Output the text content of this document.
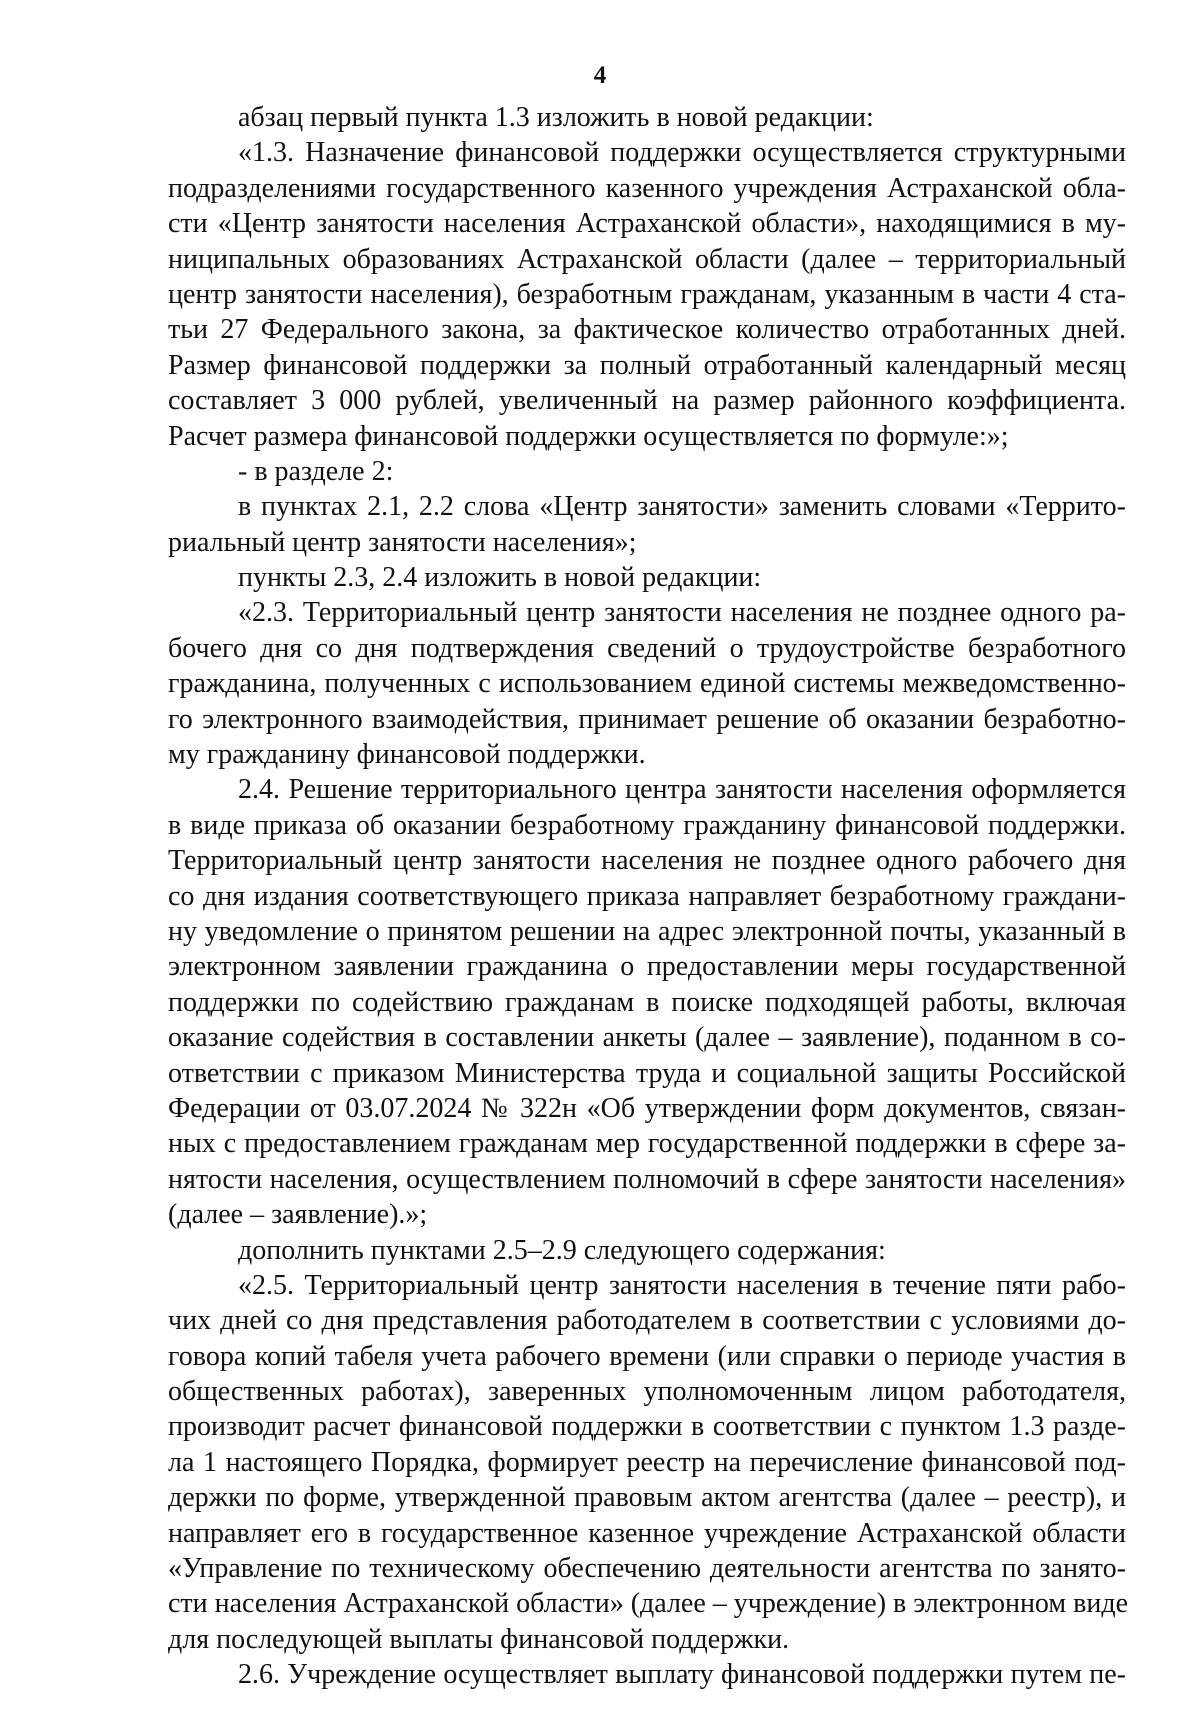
4
абзац первый пункта 1.3 изложить в новой редакции:
«1.3. Назначение финансовой поддержки осуществляется структурными
подразделениями государственного казенного учреждения Астраханской обла-
сти «Центр занятости населения Астраханской области», находящимися в му-
ниципальных образованиях Астраханской области (далее – территориальный
центр занятости населения), безработным гражданам, указанным в части 4 ста-
тьи 27 Федерального закона, за фактическое количество отработанных дней.
Размер финансовой поддержки за полный отработанный календарный месяц
составляет 3 000 рублей, увеличенный на размер районного коэффициента.
Расчет размера финансовой поддержки осуществляется по формуле:»;
- в разделе 2:
в пунктах 2.1, 2.2 слова «Центр занятости» заменить словами «Террито-
риальный центр занятости населения»;
пункты 2.3, 2.4 изложить в новой редакции:
«2.3. Территориальный центр занятости населения не позднее одного ра-
бочего дня со дня подтверждения сведений о трудоустройстве безработного
гражданина, полученных с использованием единой системы межведомственно-
го электронного взаимодействия, принимает решение об оказании безработно-
му гражданину финансовой поддержки.
2.4. Решение территориального центра занятости населения оформляется
в виде приказа об оказании безработному гражданину финансовой поддержки.
Территориальный центр занятости населения не позднее одного рабочего дня
со дня издания соответствующего приказа направляет безработному граждани-
ну уведомление о принятом решении на адрес электронной почты, указанный в
электронном заявлении гражданина о предоставлении меры государственной
поддержки по содействию гражданам в поиске подходящей работы, включая
оказание содействия в составлении анкеты (далее – заявление), поданном в со-
ответствии с приказом Министерства труда и социальной защиты Российской
Федерации от 03.07.2024 № 322н «Об утверждении форм документов, связан-
ных с предоставлением гражданам мер государственной поддержки в сфере за-
нятости населения, осуществлением полномочий в сфере занятости населения»
(далее – заявление).»;
дополнить пунктами 2.5–2.9 следующего содержания:
«2.5. Территориальный центр занятости населения в течение пяти рабо-
чих дней со дня представления работодателем в соответствии с условиями до-
говора копий табеля учета рабочего времени (или справки о периоде участия в
общественных работах), заверенных уполномоченным лицом работодателя,
производит расчет финансовой поддержки в соответствии с пунктом 1.3 разде-
ла 1 настоящего Порядка, формирует реестр на перечисление финансовой под-
держки по форме, утвержденной правовым актом агентства (далее – реестр), и
направляет его в государственное казенное учреждение Астраханской области
«Управление по техническому обеспечению деятельности агентства по занято-
сти населения Астраханской области» (далее – учреждение) в электронном виде
для последующей выплаты финансовой поддержки.
2.6. Учреждение осуществляет выплату финансовой поддержки путем пе-
